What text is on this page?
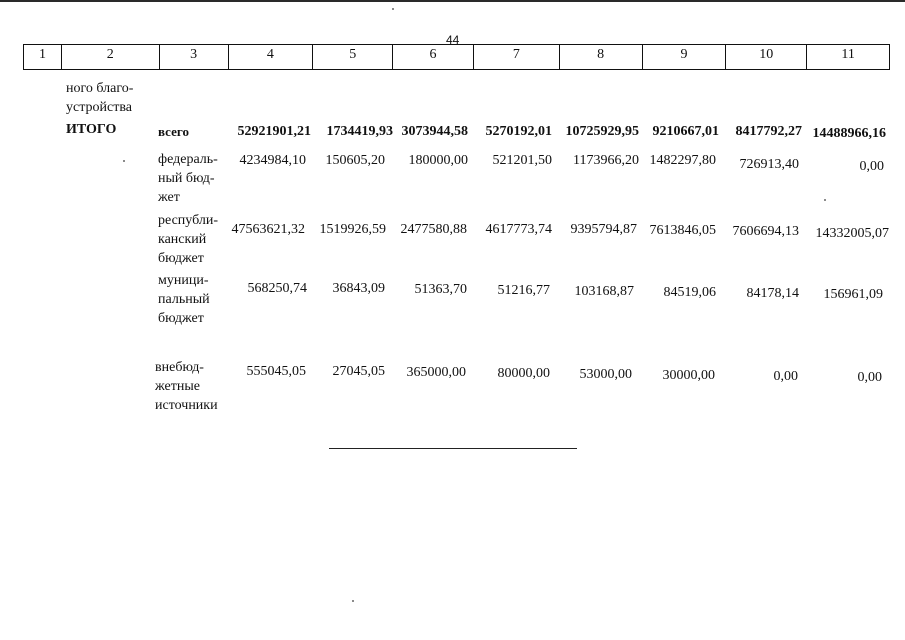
44
1	2	3	4	5	6	7	8	9	10	11
ного благо-
устройства
ИТОГО	всего	52921901,21 1734419,93 3073944,58 5270192,01 10725929,95 9210667,01 8417792,27 14488966,16
федераль-
ный бюд-
жет
4234984,10 150605,20 180000,00 521201,50 1173966,20 1482297,80 726913,40	0,00
республи-
канский
бюджет
47563621,32 1519926,59 2477580,88 4617773,74 9395794,87 7613846,05 7606694,13 14332005,07
муници-
пальный
бюджет
568250,74 36843,09 51363,70 51216,77 103168,87 84519,06 84178,14 156961,09
внебюд-
жетные
источники
555045,05 27045,05 365000,00 80000,00 53000,00 30000,00	0,00	0,00
